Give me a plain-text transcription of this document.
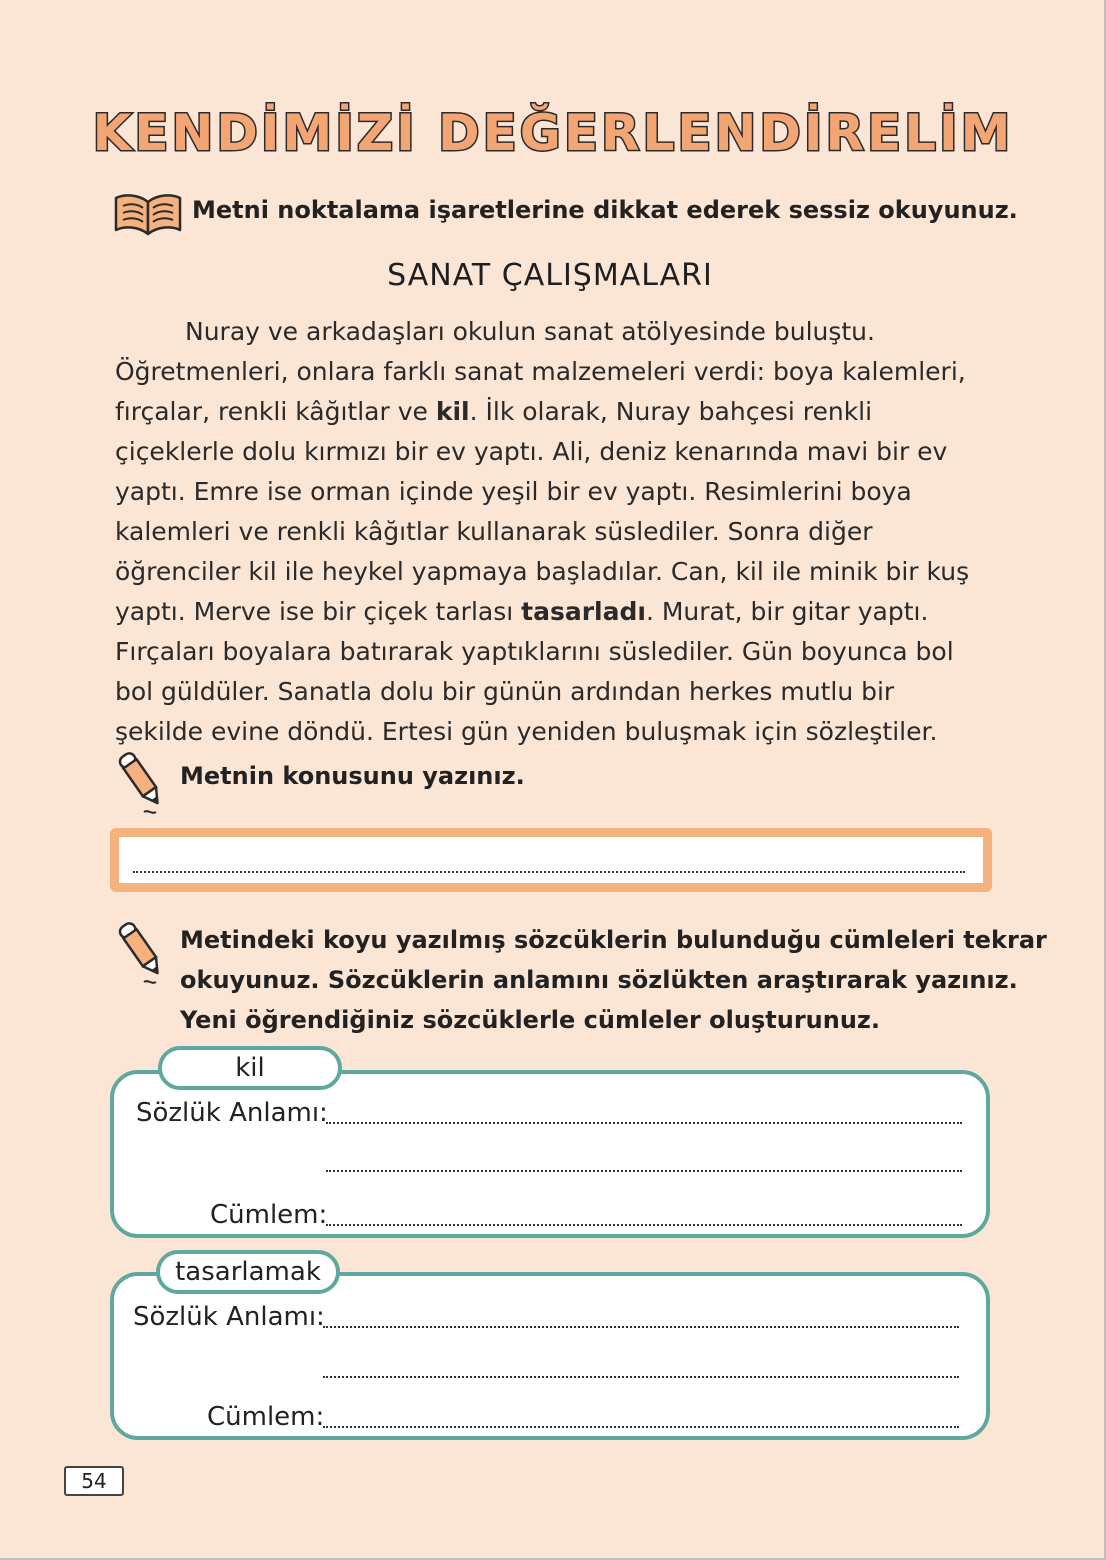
KENDİMİZİ DEĞERLENDİRELİM
Metni noktalama işaretlerine dikkat ederek sessiz okuyunuz.
SANAT ÇALIŞMALARI

Nuray ve arkadaşları okulun sanat atölyesinde buluştu. Öğretmenleri, onlara farklı sanat malzemeleri verdi: boya kalemleri, fırçalar, renkli kâğıtlar ve kil. İlk olarak, Nuray bahçesi renkli çiçeklerle dolu kırmızı bir ev yaptı. Ali, deniz kenarında mavi bir ev yaptı. Emre ise orman içinde yeşil bir ev yaptı. Resimlerini boya kalemleri ve renkli kâğıtlar kullanarak süslediler. Sonra diğer öğrenciler kil ile heykel yapmaya başladılar. Can, kil ile minik bir kuş yaptı. Merve ise bir çiçek tarlası tasarladı. Murat, bir gitar yaptı. Fırçaları boyalara batırarak yaptıklarını süslediler. Gün boyunca bol bol güldüler. Sanatla dolu bir günün ardından herkes mutlu bir şekilde evine döndü. Ertesi gün yeniden buluşmak için sözleştiler.

Metnin konusunu yazınız.
Metindeki koyu yazılmış sözcüklerin bulunduğu cümleleri tekrar
okuyunuz. Sözcüklerin anlamını sözlükten araştırarak yazınız.
Yeni öğrendiğiniz sözcüklerle cümleler oluşturunuz.
kil
Sözlük Anlamı:
Cümlem:
tasarlamak
Sözlük Anlamı:
Cümlem:
54
